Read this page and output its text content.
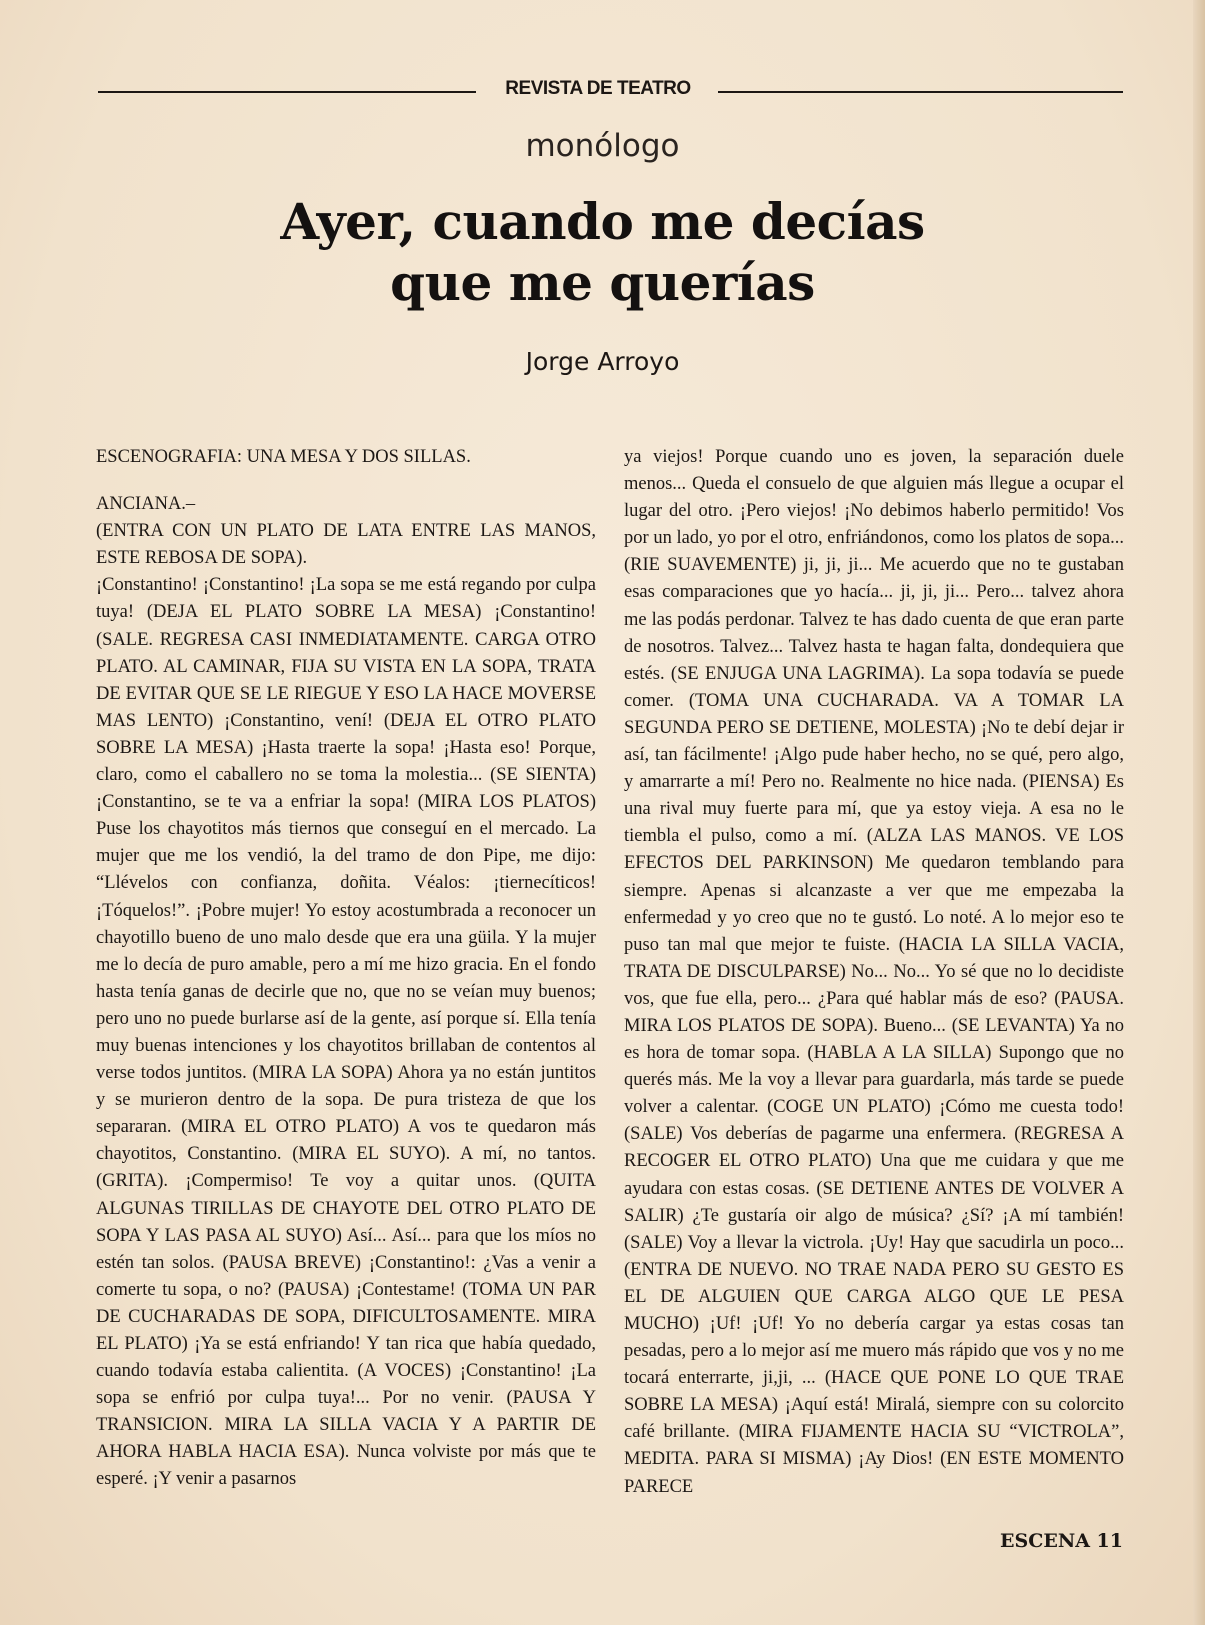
REVISTA DE TEATRO
monólogo
Ayer, cuando me decías
que me querías
Jorge Arroyo

ESCENOGRAFIA: UNA MESA Y DOS SILLAS.

ANCIANA.–

(ENTRA CON UN PLATO DE LATA ENTRE LAS MANOS, ESTE REBOSA DE SOPA).

¡Constantino! ¡Constantino! ¡La sopa se me está regando por culpa tuya! (DEJA EL PLATO SOBRE LA MESA) ¡Constantino! (SALE. REGRESA CASI INMEDIATAMENTE. CARGA OTRO PLATO. AL CAMINAR, FIJA SU VISTA EN LA SOPA, TRATA DE EVITAR QUE SE LE RIEGUE Y ESO LA HACE MOVERSE MAS LENTO) ¡Constantino, vení! (DEJA EL OTRO PLATO SOBRE LA MESA) ¡Hasta traerte la sopa! ¡Hasta eso! Porque, claro, como el caballero no se toma la molestia... (SE SIENTA) ¡Constantino, se te va a enfriar la sopa! (MIRA LOS PLATOS) Puse los chayotitos más tiernos que conseguí en el mercado. La mujer que me los vendió, la del tramo de don Pipe, me dijo: “Llévelos con confianza, doñita. Véalos: ¡tiernecíticos! ¡Tóquelos!”. ¡Pobre mujer! Yo estoy acostumbrada a reconocer un chayotillo bueno de uno malo desde que era una güila. Y la mujer me lo decía de puro amable, pero a mí me hizo gracia. En el fondo hasta tenía ganas de decirle que no, que no se veían muy buenos; pero uno no puede burlarse así de la gente, así porque sí. Ella tenía muy buenas intenciones y los chayotitos brillaban de contentos al verse todos juntitos. (MIRA LA SOPA) Ahora ya no están juntitos y se murieron dentro de la sopa. De pura tristeza de que los separaran. (MIRA EL OTRO PLATO) A vos te quedaron más chayotitos, Constantino. (MIRA EL SUYO). A mí, no tantos. (GRITA). ¡Compermiso! Te voy a quitar unos. (QUITA ALGUNAS TIRILLAS DE CHAYOTE DEL OTRO PLATO DE SOPA Y LAS PASA AL SUYO) Así... Así... para que los míos no estén tan solos. (PAUSA BREVE) ¡Constantino!: ¿Vas a venir a comerte tu sopa, o no? (PAUSA) ¡Contestame! (TOMA UN PAR DE CUCHARADAS DE SOPA, DIFICULTOSAMENTE. MIRA EL PLATO) ¡Ya se está enfriando! Y tan rica que había quedado, cuando todavía estaba calientita. (A VOCES) ¡Constantino! ¡La sopa se enfrió por culpa tuya!... Por no venir. (PAUSA Y TRANSICION. MIRA LA SILLA VACIA Y A PARTIR DE AHORA HABLA HACIA ESA). Nunca volviste por más que te esperé. ¡Y venir a pasarnos

ya viejos! Porque cuando uno es joven, la separación duele menos... Queda el consuelo de que alguien más llegue a ocupar el lugar del otro. ¡Pero viejos! ¡No debimos haberlo permitido! Vos por un lado, yo por el otro, enfriándonos, como los platos de sopa... (RIE SUAVEMENTE) ji, ji, ji... Me acuerdo que no te gustaban esas comparaciones que yo hacía... ji, ji, ji... Pero... talvez ahora me las podás perdonar. Talvez te has dado cuenta de que eran parte de nosotros. Talvez... Talvez hasta te hagan falta, dondequiera que estés. (SE ENJUGA UNA LAGRIMA). La sopa todavía se puede comer. (TOMA UNA CUCHARADA. VA A TOMAR LA SEGUNDA PERO SE DETIENE, MOLESTA) ¡No te debí dejar ir así, tan fácilmente! ¡Algo pude haber hecho, no se qué, pero algo, y amarrarte a mí! Pero no. Realmente no hice nada. (PIENSA) Es una rival muy fuerte para mí, que ya estoy vieja. A esa no le tiembla el pulso, como a mí. (ALZA LAS MANOS. VE LOS EFECTOS DEL PARKINSON) Me quedaron temblando para siempre. Apenas si alcanzaste a ver que me empezaba la enfermedad y yo creo que no te gustó. Lo noté. A lo mejor eso te puso tan mal que mejor te fuiste. (HACIA LA SILLA VACIA, TRATA DE DISCULPARSE) No... No... Yo sé que no lo decidiste vos, que fue ella, pero... ¿Para qué hablar más de eso? (PAUSA. MIRA LOS PLATOS DE SOPA). Bueno... (SE LEVANTA) Ya no es hora de tomar sopa. (HABLA A LA SILLA) Supongo que no querés más. Me la voy a llevar para guardarla, más tarde se puede volver a calentar. (COGE UN PLATO) ¡Cómo me cuesta todo! (SALE) Vos deberías de pagarme una enfermera. (REGRESA A RECOGER EL OTRO PLATO) Una que me cuidara y que me ayudara con estas cosas. (SE DETIENE ANTES DE VOLVER A SALIR) ¿Te gustaría oir algo de música? ¿Sí? ¡A mí también! (SALE) Voy a llevar la victrola. ¡Uy! Hay que sacudirla un poco... (ENTRA DE NUEVO. NO TRAE NADA PERO SU GESTO ES EL DE ALGUIEN QUE CARGA ALGO QUE LE PESA MUCHO) ¡Uf! ¡Uf! Yo no debería cargar ya estas cosas tan pesadas, pero a lo mejor así me muero más rápido que vos y no me tocará enterrarte, ji,ji, ... (HACE QUE PONE LO QUE TRAE SOBRE LA MESA) ¡Aquí está! Miralá, siempre con su colorcito café brillante. (MIRA FIJAMENTE HACIA SU “VICTROLA”, MEDITA. PARA SI MISMA) ¡Ay Dios! (EN ESTE MOMENTO PARECE

ESCENA 11
